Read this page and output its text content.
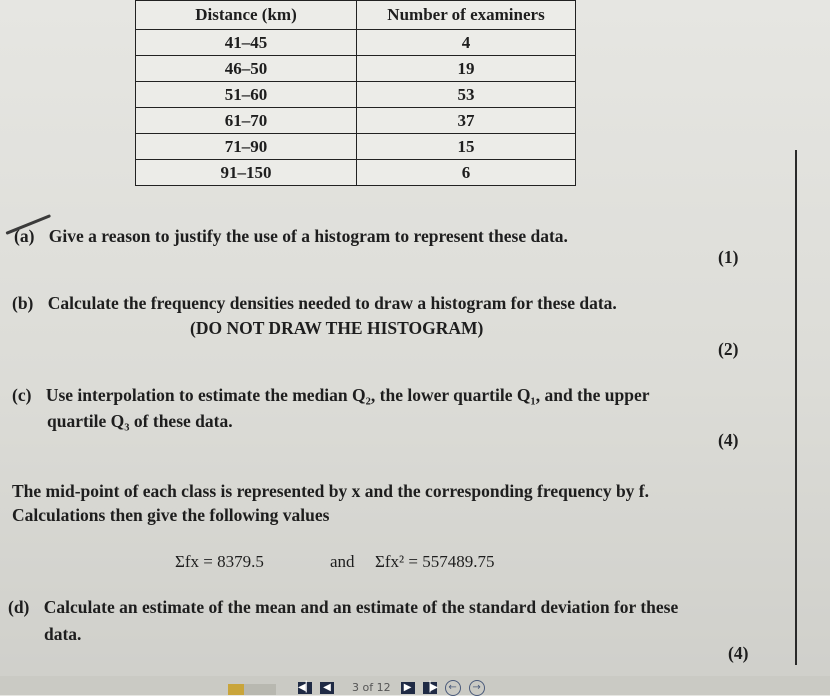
Distance (km)	Number of examiners
41–45	4
46–50	19
51–60	53
61–70	37
71–90	15
91–150	6
(a) Give a reason to justify the use of a histogram to represent these data.
(1)
(b) Calculate the frequency densities needed to draw a histogram for these data.
(DO NOT DRAW THE HISTOGRAM)
(2)
(c) Use interpolation to estimate the median Q₂, the lower quartile Q₁, and the upper
quartile Q₃ of these data.
(4)
The mid-point of each class is represented by x and the corresponding frequency by f.
Calculations then give the following values
Σfx = 8379.5	and Σfx² = 557489.75
(d) Calculate an estimate of the mean and an estimate of the standard deviation for these
data.
(4)
◀▏ ◀ 3 of 12	▶	▕▶	←	→
